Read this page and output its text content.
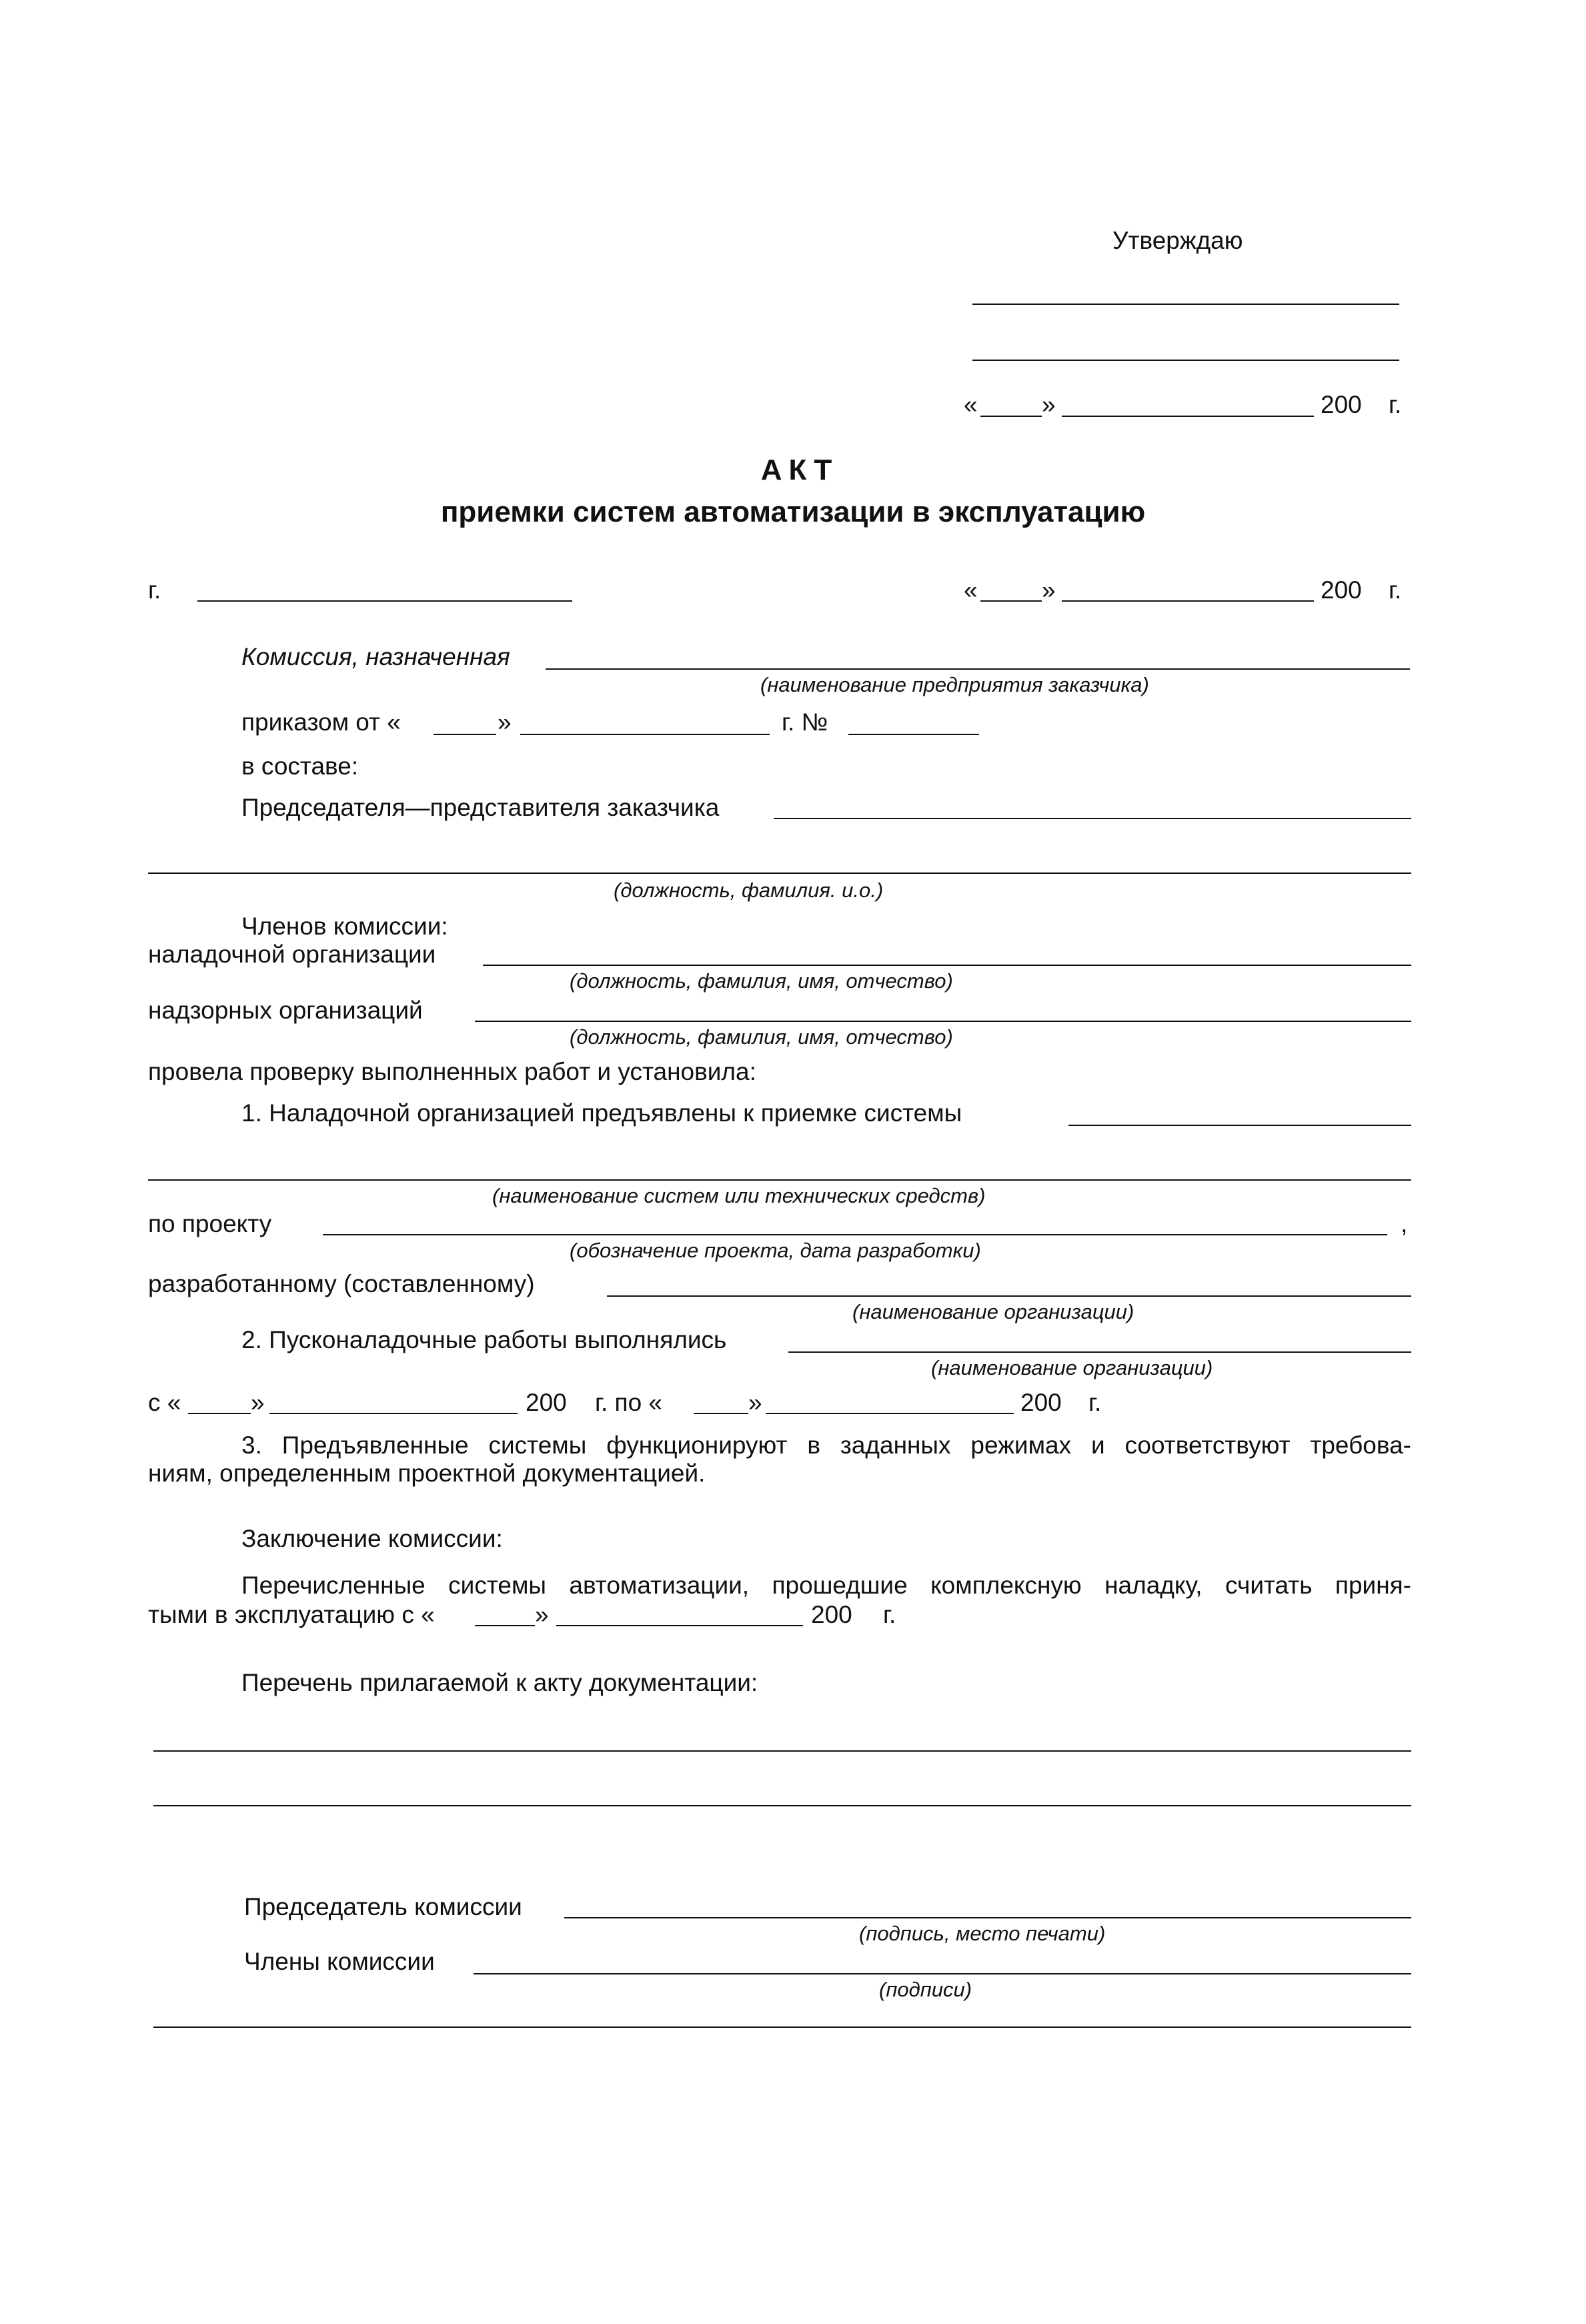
Утверждаю
«	»	200 г.
АКТ
приемки систем автоматизации в эксплуатацию
г.	«	»	200 г.
Комиссия, назначенная
(наименование предприятия заказчика)
приказом от «	»	г. №
в составе:
Председателя—представителя заказчика
(должность, фамилия. и.о.)
Членов комиссии:
наладочной организации
(должность, фамилия, имя, отчество)
надзорных организаций
(должность, фамилия, имя, отчество)
провела проверку выполненных работ и установила:
1. Наладочной организацией предъявлены к приемке системы
(наименование систем или технических средств)
по проекту	,
(обозначение проекта, дата разработки)
разработанному (составленному)
(наименование организации)
2. Пусконаладочные работы выполнялись
(наименование организации)
с «	»	200 г. по «	»	200 г.
3. Предъявленные системы функционируют в заданных режимах и соответствуют требова-
ниям, определенным проектной документацией.
Заключение комиссии:
Перечисленные системы автоматизации, прошедшие комплексную наладку, считать приня-
тыми в эксплуатацию с «	»	200 г.
Перечень прилагаемой к акту документации:
Председатель комиссии
(подпись, место печати)
Члены комиссии
(подписи)
